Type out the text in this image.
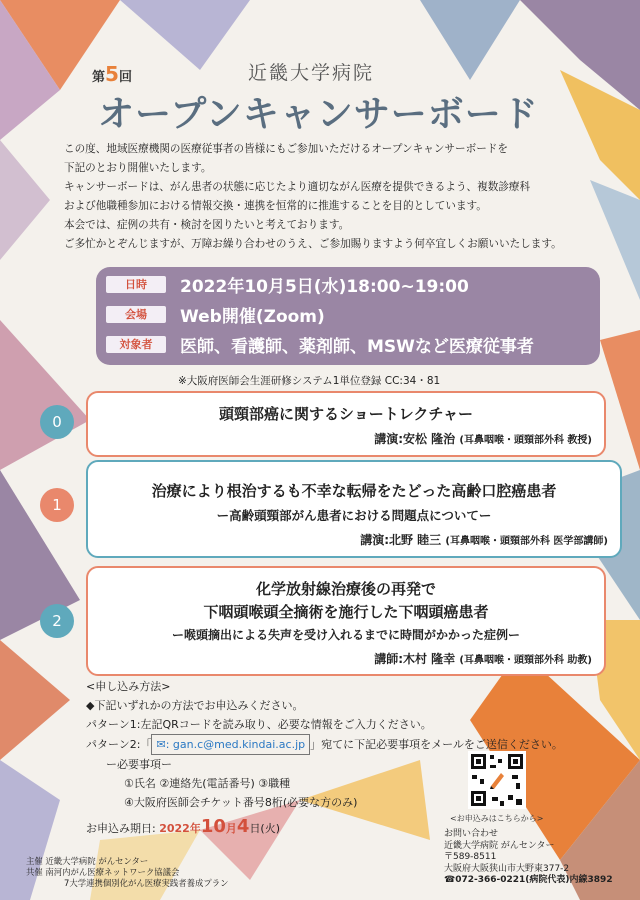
第5回	近畿大学病院
オープンキャンサーボード
この度、地域医療機関の医療従事者の皆様にもご参加いただけるオープンキャンサーボードを
下記のとおり開催いたします。
キャンサーボードは、がん患者の状態に応じたより適切ながん医療を提供できるよう、複数診療科
および他職種参加における情報交換・連携を恒常的に推進することを目的としています。
本会では、症例の共有・検討を図りたいと考えております。
ご多忙かとぞんじますが、万障お繰り合わせのうえ、ご参加賜りますよう何卒宜しくお願いいたします。
日時	2022年10月5日(水)18:00~19:00
会場	Web開催(Zoom)
対象者	医師、看護師、薬剤師、MSWなど医療従事者
※大阪府医師会生涯研修システム1単位登録 CC:34・81
0	頭頸部癌に関するショートレクチャー
講演:安松 隆治 (耳鼻咽喉・頭頸部外科 教授)
1
治療により根治するも不幸な転帰をたどった高齢口腔癌患者
ー高齢頭頸部がん患者における問題点についてー
講演:北野 睦三 (耳鼻咽喉・頭頸部外科 医学部講師)
2
化学放射線治療後の再発で
下咽頭喉頭全摘術を施行した下咽頭癌患者
ー喉頭摘出による失声を受け入れるまでに時間がかかった症例ー
講師:木村 隆幸 (耳鼻咽喉・頭頸部外科 助教)
<申し込み方法>
◆下記いずれかの方法でお申込みください。
パターン1:左記QRコードを読み取り、必要な情報をご入力ください。
パターン2:「 ✉: gan.c@med.kindai.ac.jp 」宛てに下記必要事項をメールをご送信ください。
ー必要事項ー
①氏名 ②連絡先(電話番号) ③職種
④大阪府医師会チケット番号8桁(必要な方のみ)
<お申込みはこちらから>
お申込み期日: 2022年10月4日(火)	お問い合わせ
近畿大学病院 がんセンター
〒589-8511
大阪府大阪狭山市大野東377-2
☎072-366-0221(病院代表)内線3892
主催 近畿大学病院 がんセンター
共催 南河内がん医療ネットワーク協議会
7大学連携個別化がん医療実践者養成プラン
